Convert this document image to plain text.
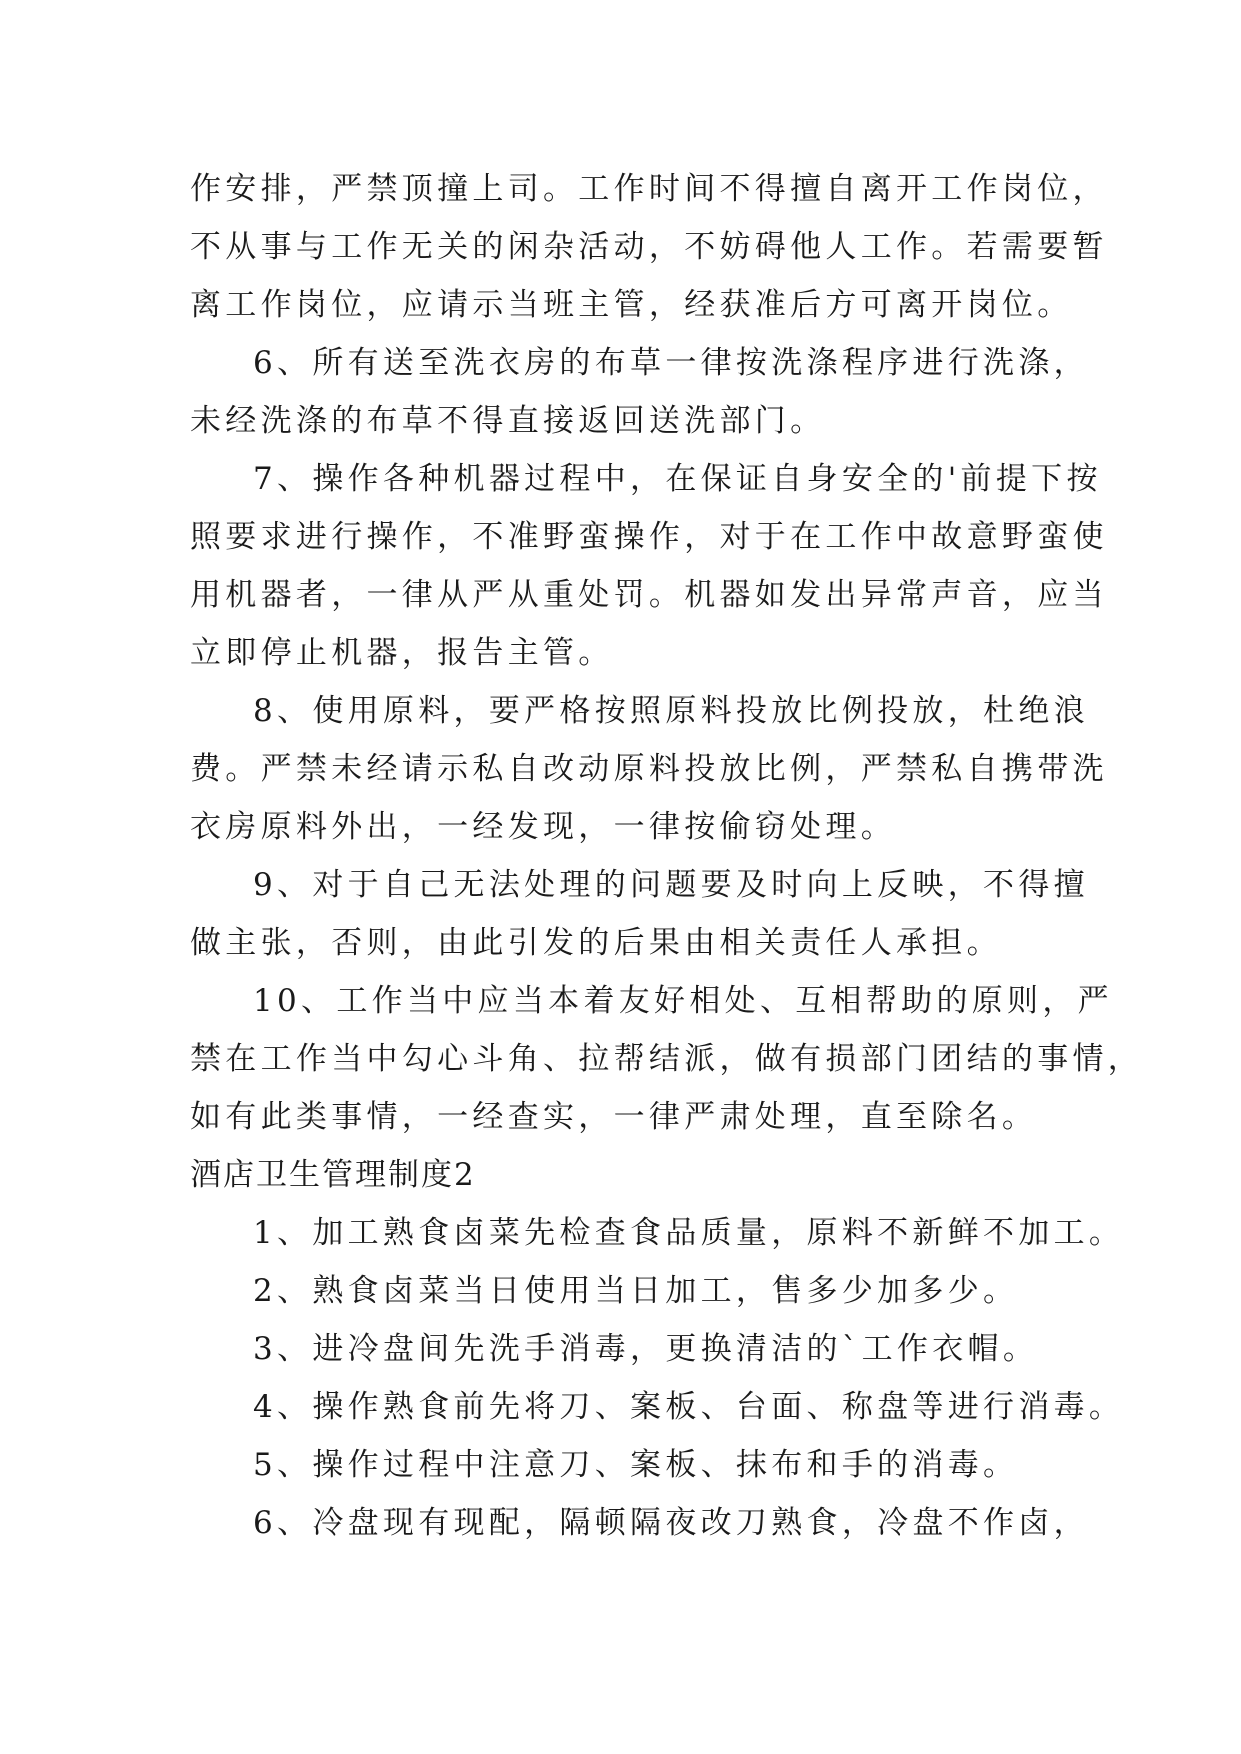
作安排，严禁顶撞上司。工作时间不得擅自离开工作岗位，
不从事与工作无关的闲杂活动，不妨碍他人工作。若需要暂
离工作岗位，应请示当班主管，经获准后方可离开岗位。
6、所有送至洗衣房的布草一律按洗涤程序进行洗涤，
未经洗涤的布草不得直接返回送洗部门。
7、操作各种机器过程中，在保证自身安全的'前提下按
照要求进行操作，不准野蛮操作，对于在工作中故意野蛮使
用机器者，一律从严从重处罚。机器如发出异常声音，应当
立即停止机器，报告主管。
8、使用原料，要严格按照原料投放比例投放，杜绝浪
费。严禁未经请示私自改动原料投放比例，严禁私自携带洗
衣房原料外出，一经发现，一律按偷窃处理。
9、对于自己无法处理的问题要及时向上反映，不得擅
做主张，否则，由此引发的后果由相关责任人承担。
10、工作当中应当本着友好相处、互相帮助的原则，严
禁在工作当中勾心斗角、拉帮结派，做有损部门团结的事情，
如有此类事情，一经查实，一律严肃处理，直至除名。
酒店卫生管理制度2
1、加工熟食卤菜先检查食品质量，原料不新鲜不加工。
2、熟食卤菜当日使用当日加工，售多少加多少。
3、进冷盘间先洗手消毒，更换清洁的`工作衣帽。
4、操作熟食前先将刀、案板、台面、称盘等进行消毒。
5、操作过程中注意刀、案板、抹布和手的消毒。
6、冷盘现有现配，隔顿隔夜改刀熟食，冷盘不作卤，
